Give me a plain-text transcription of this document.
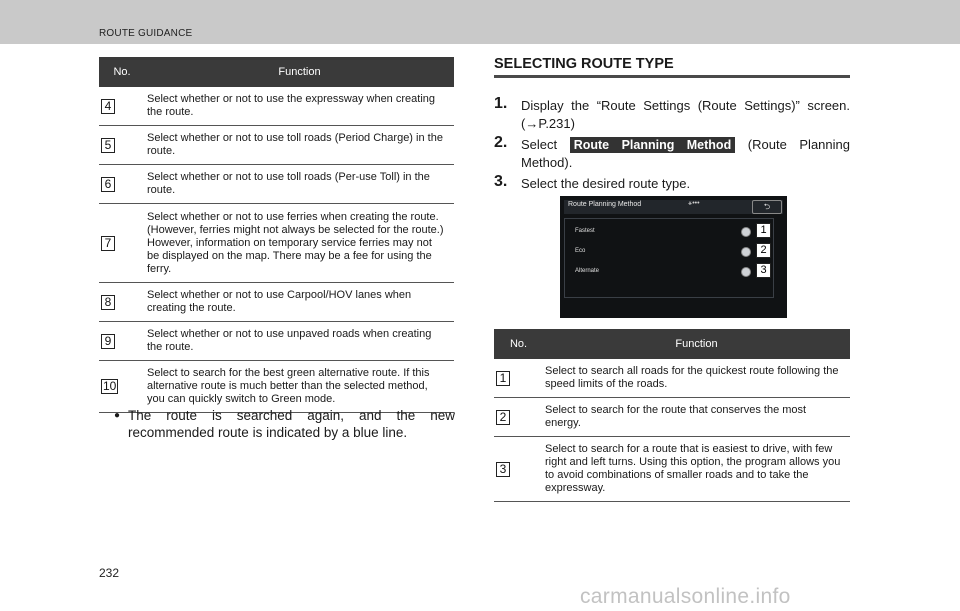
ROUTE GUIDANCE
No.	Function
4	Select whether or not to use the expressway when creating the route.
5	Select whether or not to use toll roads (Period Charge) in the route.
6	Select whether or not to use toll roads (Per-use Toll) in the route.
7	Select whether or not to use ferries when creating the route. (However, ferries might not always be selected for the route.) However, information on temporary service ferries may not be displayed on the map. There may be a fee for using the ferry.
8	Select whether or not to use Carpool/HOV lanes when creating the route.
9	Select whether or not to use unpaved roads when creating the route.
10	Select to search for the best green alternative route. If this alternative route is much better than the selected method, you can quickly switch to Green mode.
● The route is searched again, and the new recommended route is indicated by a blue line.
SELECTING ROUTE TYPE
1. Display the “Route Settings (Route Settings)” screen. (→P.231)
2. Select Route Planning Method (Route Planning Method).
3. Select the desired route type.
Route Planning Method	⚹•••	⮌
Fastest
Eco
Alternate
1
2
3
No.	Function
1	Select to search all roads for the quickest route following the speed limits of the roads.
2	Select to search for the route that conserves the most energy.
3	Select to search for a route that is easiest to drive, with few right and left turns. Using this option, the program allows you to avoid combinations of smaller roads and to take the expressway.
232
carmanualsonline.info
